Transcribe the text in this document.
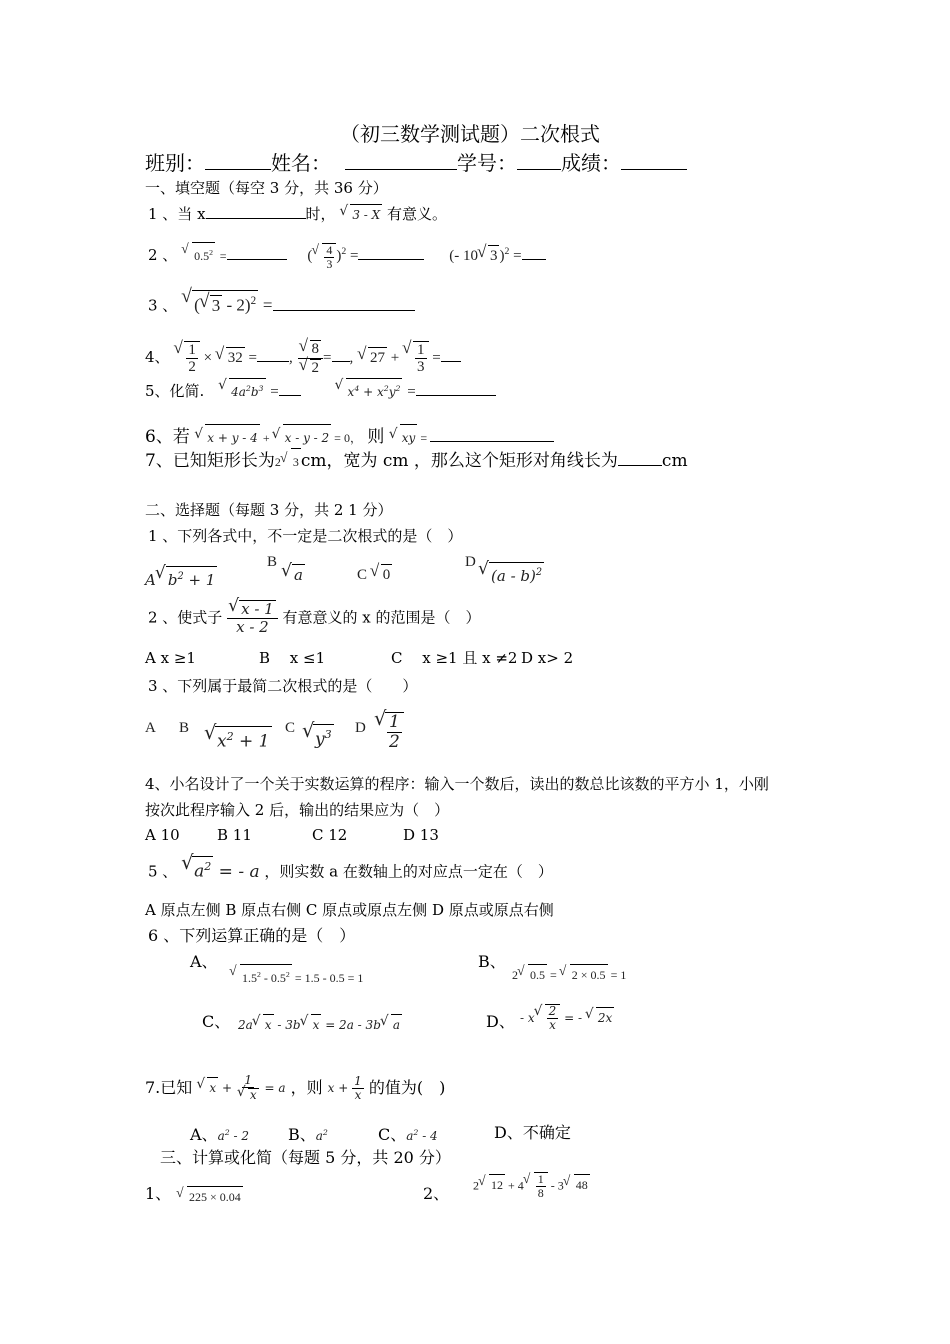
（初三数学测试题）二次根式
班别：	姓名：	学号： 成绩：
一、填空题（每空 3 分，共 36 分）
1 、当 x	时， √ 3 - X 有意义。
2 、 √ $0.5^2$ =	(
√ $\frac{4}{3} )^2$ =	(- 10√ 3 )$^2$ =
3 、 √ (√ 3 - 2)$^2$ =
4、
√ $\frac{1}{2}$ × √ 32 = ,
√ 8
√ 2 = , √ 27 +
√ $\frac{1}{3}$ =
5、化简. √ $4a^2b^3$ = √	$x^4 + x^2y^2$ =
6、若 √ x + y - 4 + √ x - y - 2 = 0， 则 √ xy =
7、已知矩形长为2√ 3 cm，宽为 cm ，那么这个矩形对角线长为	cm
二、选择题（每题 3 分，共 2 1 分）
1 、下列各式中，不一定是二次根式的是（　）
A√ $b^2 + 1$
B
√ a	C √ 0
D
√ (a - b)$^2$
2 、使式子
√ $\frac{x - 1}{x - 2}$ 有意意义的 x 的范围是（　）
A x ≥1	B　 x ≤1	C　 x ≥1 且 x ≠2 D x> 2
3 、下列属于最简二次根式的是（　　）
A B
√ $x^2 + 1$
C
√ $y^3$ D
√ $\frac{1}{2}$
4、小名设计了一个关于实数运算的程序：输入一个数后，读出的数总比该数的平方小 1，小刚
按次此程序输入 2 后，输出的结果应为（　）
A 10 B 11	C 12	D 13
5 、 √ $a^2$ = - a ，则实数 a 在数轴上的对应点一定在（　）
A 原点左侧 B 原点右侧 C 原点或原点左侧 D 原点或原点右侧
6 、下列运算正确的是（　）
A、
√ $1.5^2 - 0.5^2 = 1.5 - 0.5 = 1$
B、
2√ 0.5 = √ 2 × 0.5 = 1
C、 2a√ x - 3b√ x = 2a - 3b√ a	D、 - x
√ $\frac{2}{x}$ = - √ 2x
7.已知 √ x + 1
√ x = a ，则 $x + \frac{1}{x}$ 的值为(　)
A、$a^2 - 2$ B、$a^2$	C、$a^2 - 4$	D、不确定
三、计算或化简（每题 5 分，共 20 分）
1、
√	225 × 0.04	2、 2√ 12 + 4
√ $\frac{1}{8} - 3√$ 48
